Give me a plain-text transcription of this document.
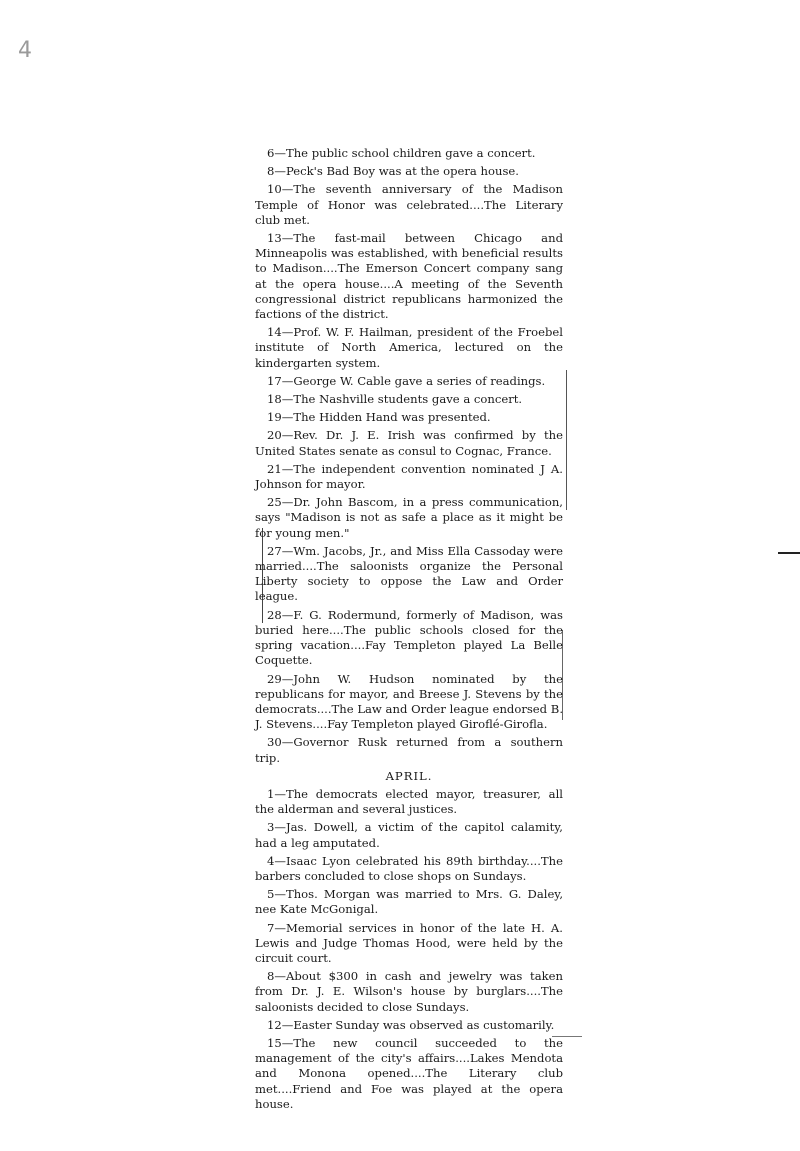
4

6—The public school children gave a concert.

8—Peck's Bad Boy was at the opera house.

10—The seventh anniversary of the Madison Temple of Honor was celebrated....The Literary club met.

13—The fast-mail between Chicago and Minneapolis was established, with beneficial results to Madison....The Emerson Concert company sang at the opera house....A meeting of the Seventh congressional district republicans harmonized the factions of the district.

14—Prof. W. F. Hailman, president of the Froebel institute of North America, lectured on the kindergarten system.

17—George W. Cable gave a series of readings.

18—The Nashville students gave a concert.

19—The Hidden Hand was presented.

20—Rev. Dr. J. E. Irish was confirmed by the United States senate as consul to Cognac, France.

21—The independent convention nominated J A. Johnson for mayor.

25—Dr. John Bascom, in a press communication, says "Madison is not as safe a place as it might be for young men."

27—Wm. Jacobs, Jr., and Miss Ella Cassoday were married....The saloonists organize the Personal Liberty society to oppose the Law and Order league.

28—F. G. Rodermund, formerly of Madison, was buried here....The public schools closed for the spring vacation....Fay Templeton played La Belle Coquette.

29—John W. Hudson nominated by the republicans for mayor, and Breese J. Stevens by the democrats....The Law and Order league endorsed B. J. Stevens....Fay Templeton played Giroflé-Girofla.

30—Governor Rusk returned from a southern trip.

APRIL.

1—The democrats elected mayor, treasurer, all the alderman and several justices.

3—Jas. Dowell, a victim of the capitol calamity, had a leg amputated.

4—Isaac Lyon celebrated his 89th birthday....The barbers concluded to close shops on Sundays.

5—Thos. Morgan was married to Mrs. G. Daley, nee Kate McGonigal.

7—Memorial services in honor of the late H. A. Lewis and Judge Thomas Hood, were held by the circuit court.

8—About $300 in cash and jewelry was taken from Dr. J. E. Wilson's house by burglars....The saloonists decided to close Sundays.

12—Easter Sunday was observed as customarily.

15—The new council succeeded to the management of the city's affairs....Lakes Mendota and Monona opened....The Literary club met....Friend and Foe was played at the opera house.
